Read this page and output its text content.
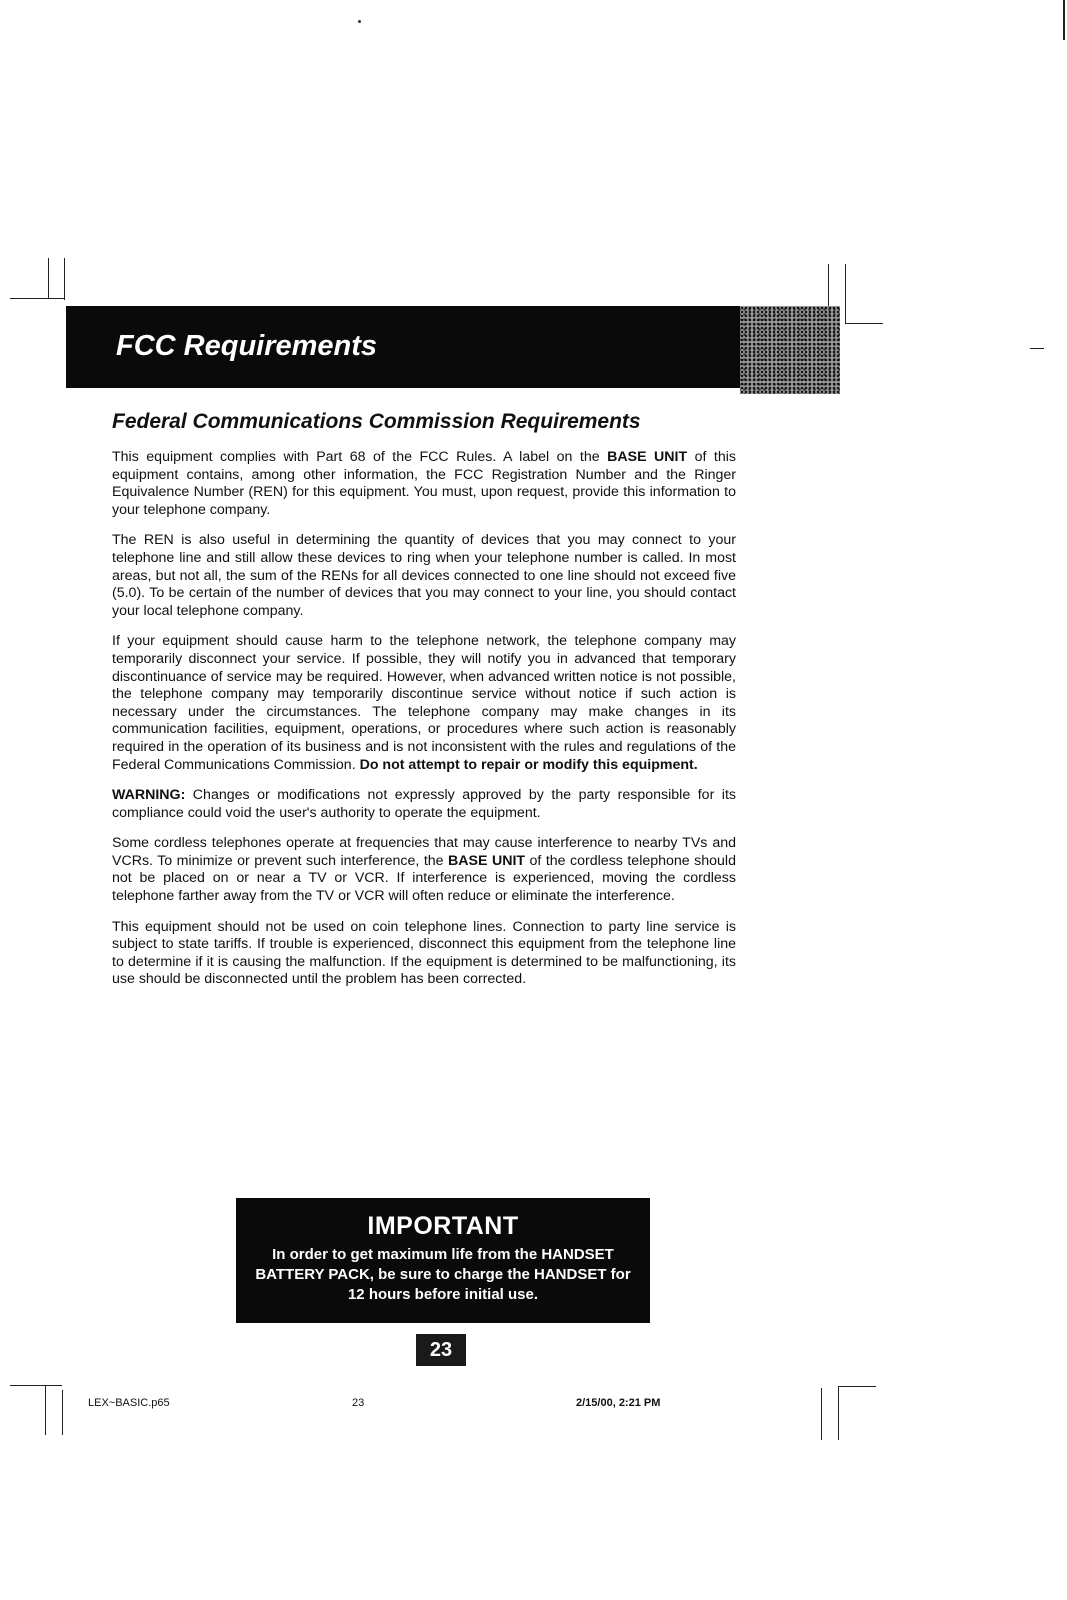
FCC Requirements
Federal Communications Commission Requirements

This equipment complies with Part 68 of the FCC Rules. A label on the BASE UNIT of this equipment contains, among other information, the FCC Registration Number and the Ringer Equivalence Number (REN) for this equipment. You must, upon request, provide this information to your telephone company.

The REN is also useful in determining the quantity of devices that you may connect to your telephone line and still allow these devices to ring when your telephone number is called. In most areas, but not all, the sum of the RENs for all devices connected to one line should not exceed five (5.0). To be certain of the number of devices that you may connect to your line, you should contact your local telephone company.

If your equipment should cause harm to the telephone network, the telephone company may temporarily disconnect your service. If possible, they will notify you in advanced that temporary discontinuance of service may be required. However, when advanced written notice is not possible, the telephone company may temporarily discontinue service without notice if such action is necessary under the circumstances. The telephone company may make changes in its communication facilities, equipment, operations, or procedures where such action is reasonably required in the operation of its business and is not inconsistent with the rules and regulations of the Federal Communications Commission. Do not attempt to repair or modify this equipment.

WARNING: Changes or modifications not expressly approved by the party responsible for its compliance could void the user's authority to operate the equipment.

Some cordless telephones operate at frequencies that may cause interference to nearby TVs and VCRs. To minimize or prevent such interference, the BASE UNIT of the cordless telephone should not be placed on or near a TV or VCR. If interference is experienced, moving the cordless telephone farther away from the TV or VCR will often reduce or eliminate the interference.

This equipment should not be used on coin telephone lines. Connection to party line service is subject to state tariffs. If trouble is experienced, disconnect this equipment from the telephone line to determine if it is causing the malfunction. If the equipment is determined to be malfunctioning, its use should be disconnected until the problem has been corrected.

IMPORTANT
In order to get maximum life from the HANDSET BATTERY PACK, be sure to charge the HANDSET for 12 hours before initial use.
23
LEX~BASIC.p65	23	2/15/00, 2:21 PM
